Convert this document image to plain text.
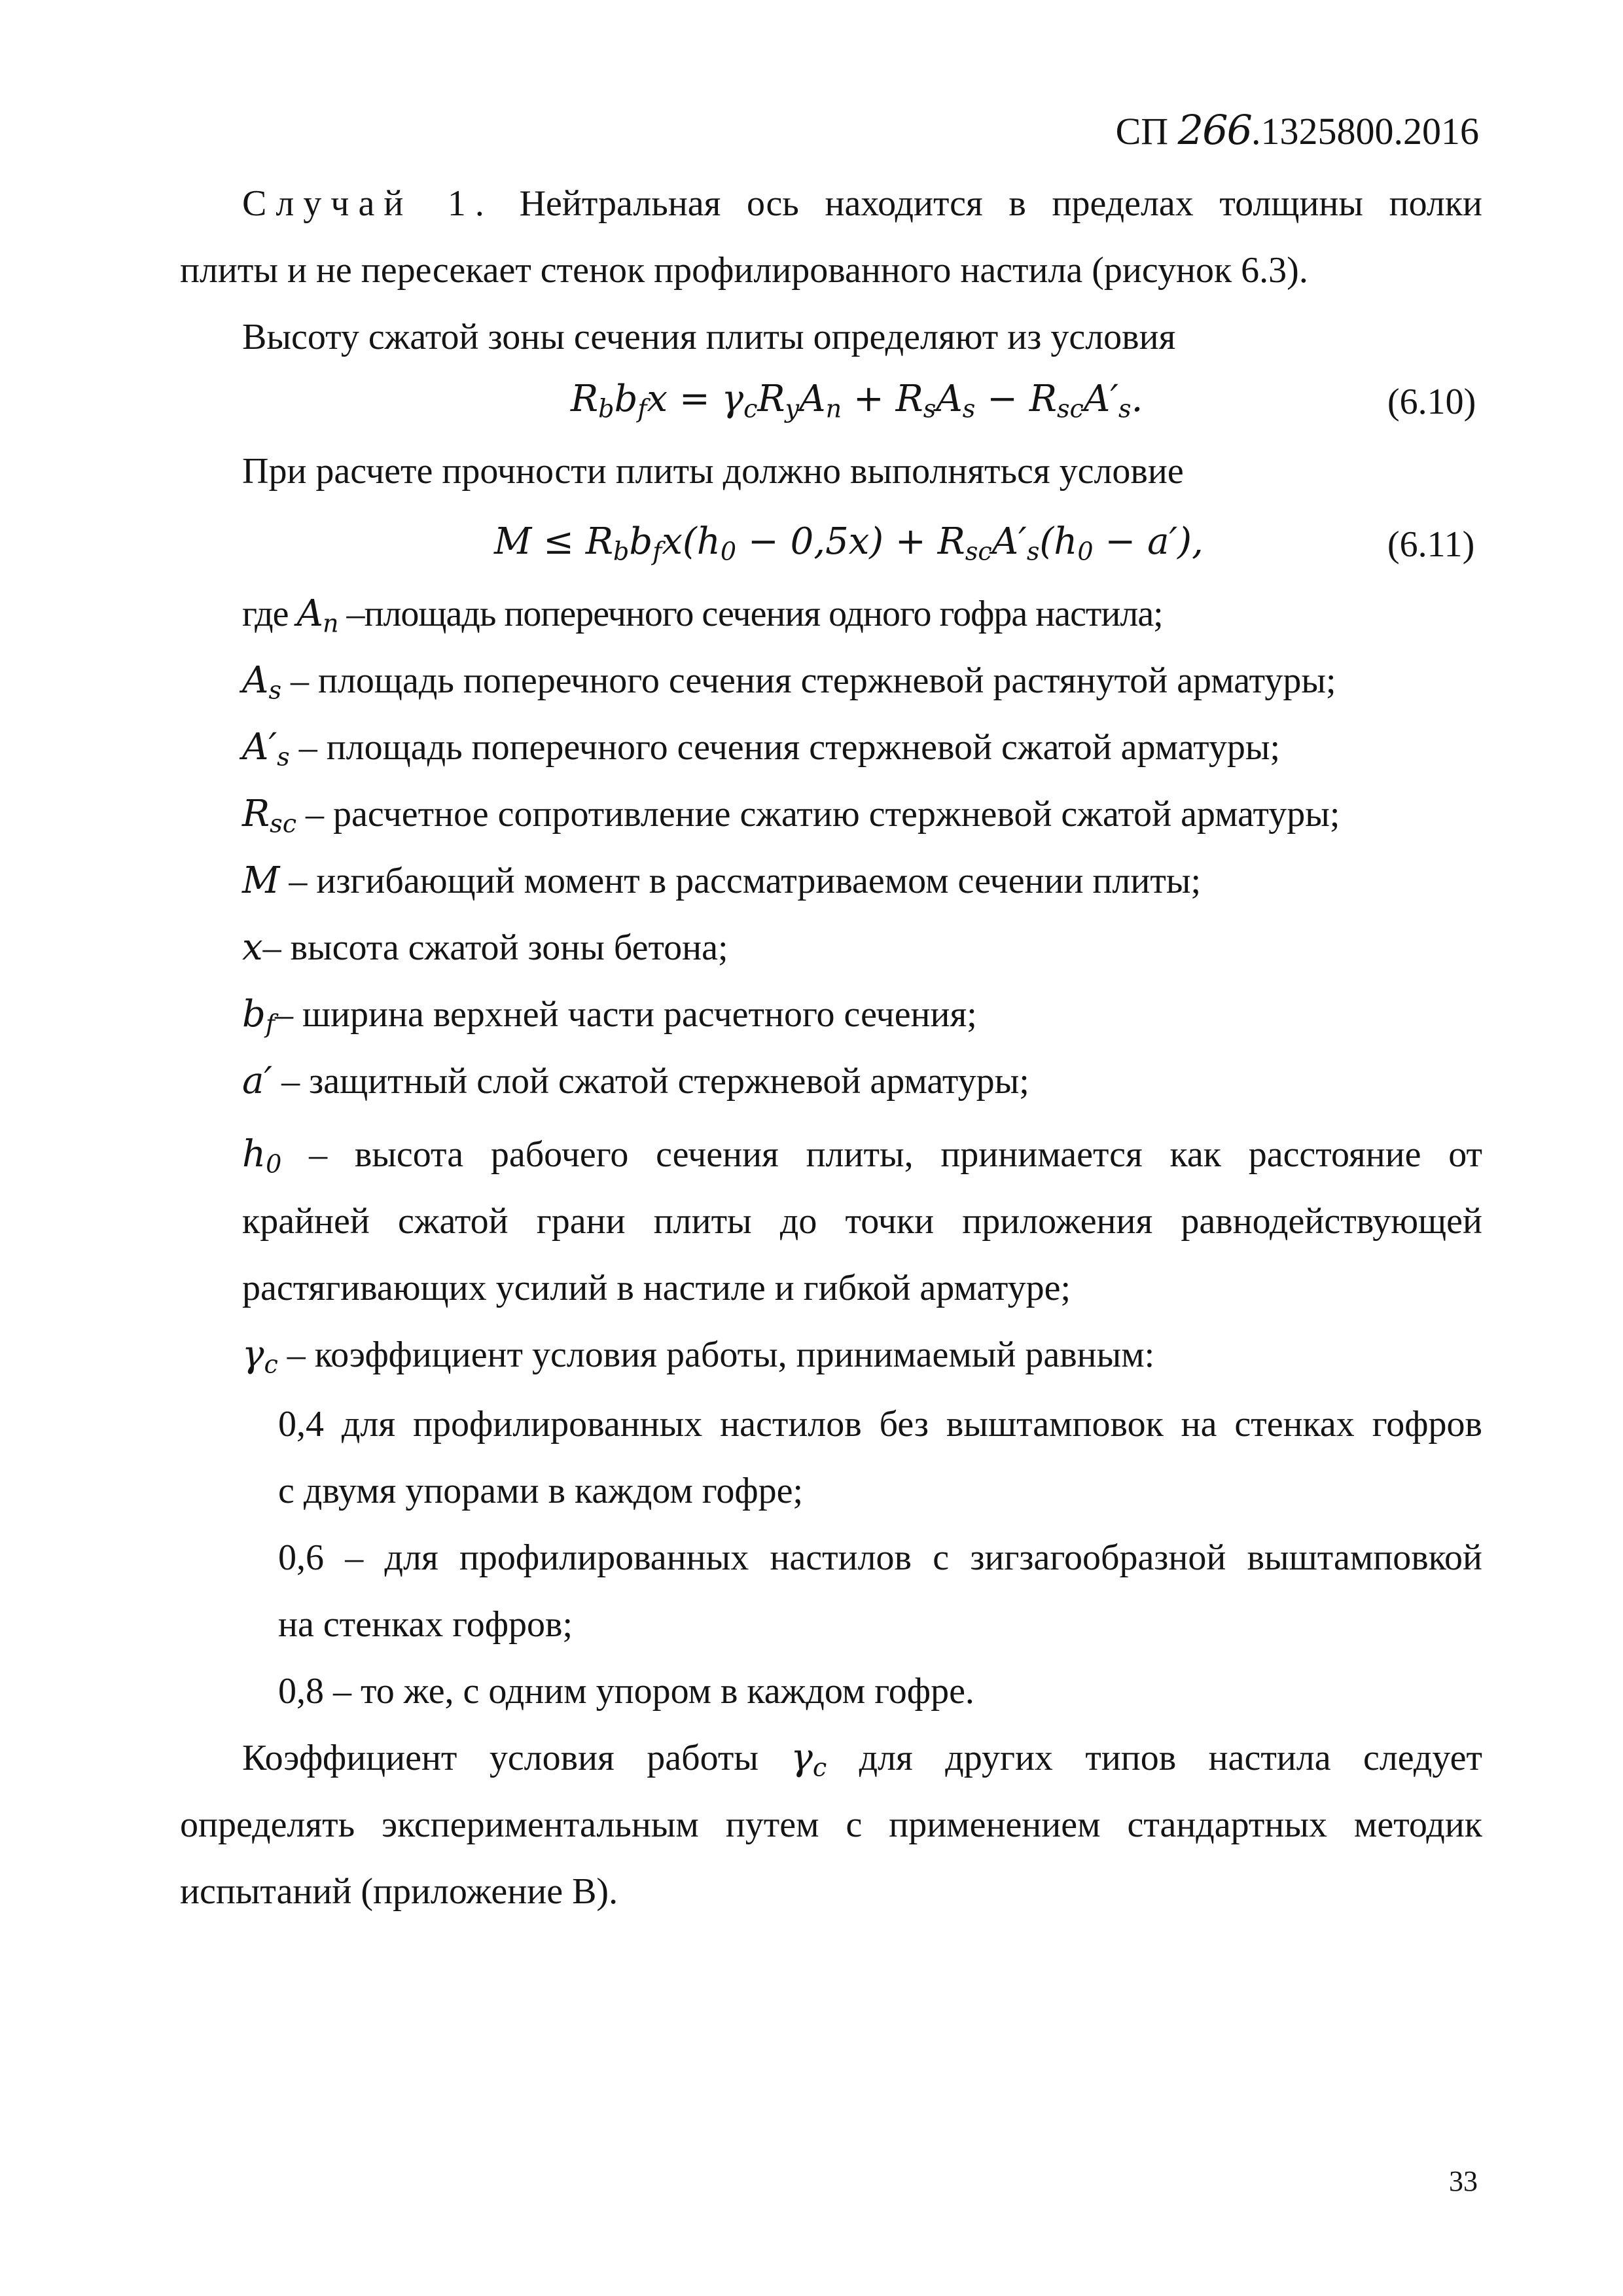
СП 266.1325800.2016
Случай 1. Нейтральная ось находится в пределах толщины полки
плиты и не пересекает стенок профилированного настила (рисунок 6.3).
Высоту сжатой зоны сечения плиты определяют из условия
$R_bb_fx = \gamma_cR_yA_n + R_sA_s - R_{sc}A'_s$.	(6.10)
При расчете прочности плиты должно выполняться условие
$M \le R_bb_fx(h_0 - 0,5x) + R_{sc}A'_s(h_0 - a')$,	(6.11)
где $A_n$ –площадь поперечного сечения одного гофра настила;
$A_s$ – площадь поперечного сечения стержневой растянутой арматуры;
$A'_s$ – площадь поперечного сечения стержневой сжатой арматуры;
$R_{sc}$ – расчетное сопротивление сжатию стержневой сжатой арматуры;
M – изгибающий момент в рассматриваемом сечении плиты;
x– высота сжатой зоны бетона;
$b_f-$ ширина верхней части расчетного сечения;
a′ – защитный слой сжатой стержневой арматуры;
$h_0$ – высота рабочего сечения плиты, принимается как расстояние от
крайней сжатой грани плиты до точки приложения равнодействующей
растягивающих усилий в настиле и гибкой арматуре;
$\gamma_c$ – коэффициент условия работы, принимаемый равным:
0,4 для профилированных настилов без выштамповок на стенках гофров
с двумя упорами в каждом гофре;
0,6 – для профилированных настилов с зигзагообразной выштамповкой
на стенках гофров;
0,8 – то же, с одним упором в каждом гофре.
Коэффициент условия работы $\gamma_c$ для других типов настила следует
определять экспериментальным путем с применением стандартных методик
испытаний (приложение В).
33
